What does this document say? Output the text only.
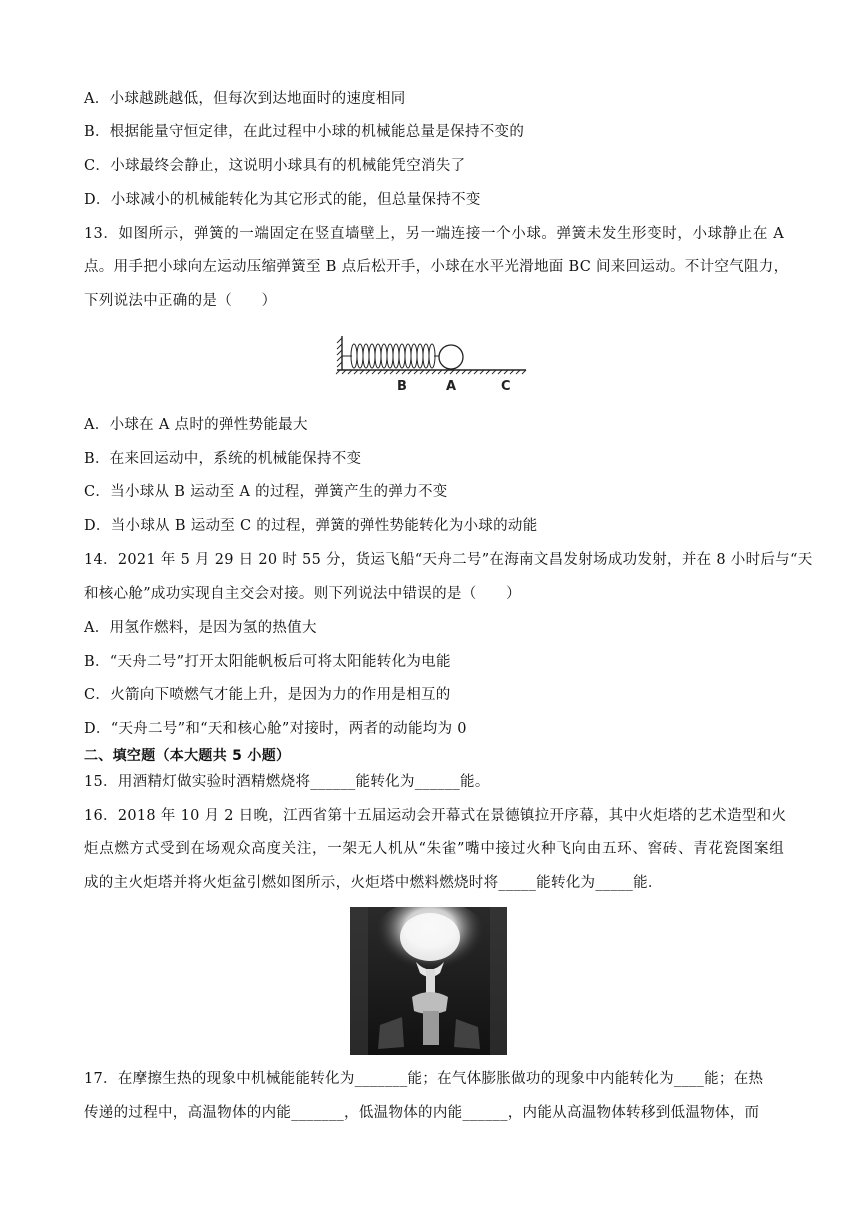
A．小球越跳越低，但每次到达地面时的速度相同
B．根据能量守恒定律，在此过程中小球的机械能总量是保持不变的
C．小球最终会静止，这说明小球具有的机械能凭空消失了
D．小球减小的机械能转化为其它形式的能，但总量保持不变
13．如图所示，弹簧的一端固定在竖直墙壁上，另一端连接一个小球。弹簧未发生形变时，小球静止在 A
点。用手把小球向左运动压缩弹簧至 B 点后松开手，小球在水平光滑地面 BC 间来回运动。不计空气阻力，
下列说法中正确的是（　　）
B	A	C
A．小球在 A 点时的弹性势能最大
B．在来回运动中，系统的机械能保持不变
C．当小球从 B 运动至 A 的过程，弹簧产生的弹力不变
D．当小球从 B 运动至 C 的过程，弹簧的弹性势能转化为小球的动能
14．2021 年 5 月 29 日 20 时 55 分，货运飞船“天舟二号”在海南文昌发射场成功发射，并在 8 小时后与“天
和核心舱”成功实现自主交会对接。则下列说法中错误的是（　　）
A．用氢作燃料，是因为氢的热值大
B．“天舟二号”打开太阳能帆板后可将太阳能转化为电能
C．火箭向下喷燃气才能上升，是因为力的作用是相互的
D．“天舟二号”和“天和核心舱”对接时，两者的动能均为 0
二、填空题（本大题共 5 小题）
15．用酒精灯做实验时酒精燃烧将______能转化为______能。
16．2018 年 10 月 2 日晚，江西省第十五届运动会开幕式在景德镇拉开序幕，其中火炬塔的艺术造型和火
炬点燃方式受到在场观众高度关注，一架无人机从“朱雀”嘴中接过火种飞向由五环、窖砖、青花瓷图案组
成的主火炬塔并将火炬盆引燃如图所示，火炬塔中燃料燃烧时将_____能转化为_____能．
17．在摩擦生热的现象中机械能能转化为_______能；在气体膨胀做功的现象中内能转化为____能；在热
传递的过程中，高温物体的内能_______，低温物体的内能______，内能从高温物体转移到低温物体，而
